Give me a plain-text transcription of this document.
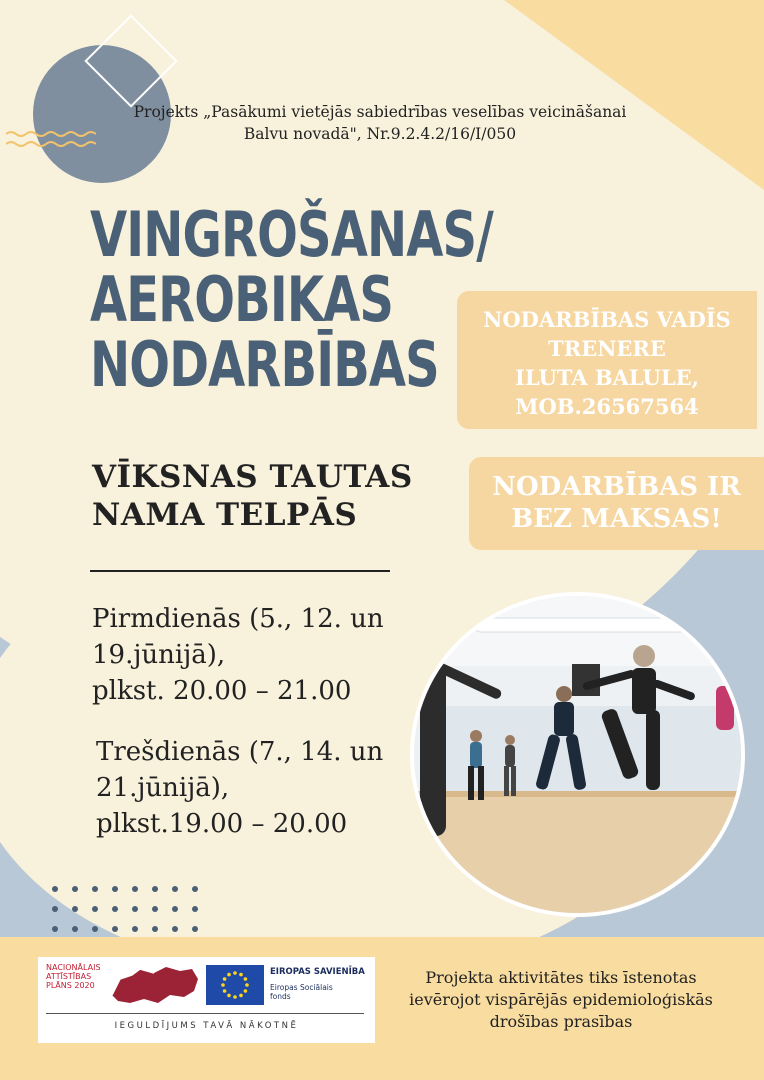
Projekts „Pasākumi vietējās sabiedrības veselības veicināšanai
Balvu novadā", Nr.9.2.4.2/16/I/050
VINGROŠANAS/
AEROBIKAS
NODARBĪBAS
VĪKSNAS TAUTAS
NAMA TELPĀS
Pirmdienās (5., 12. un
19.jūnijā),
plkst. 20.00 – 21.00
Trešdienās (7., 14. un
21.jūnijā),
plkst.19.00 – 20.00
NODARBĪBAS VADĪS
TRENERE
ILUTA BALULE,
MOB.26567564
NODARBĪBAS IR
BEZ MAKSAS!
NACIONĀLAIS
ATTĪSTĪBAS
PLĀNS 2020
EIROPAS SAVIENĪBA
Eiropas Sociālais
fonds
IEGULDĪJUMS TAVĀ NĀKOTNĒ
Projekta aktivitātes tiks īstenotas
ievērojot vispārējās epidemioloģiskās
drošības prasības
